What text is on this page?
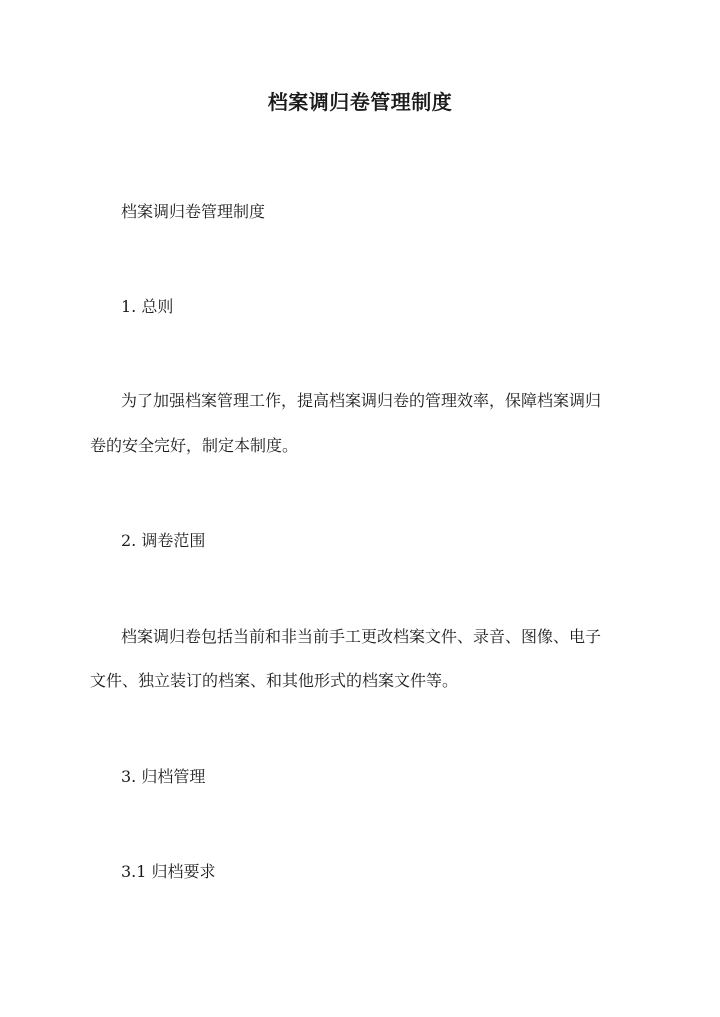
档案调归卷管理制度
档案调归卷管理制度
1. 总则
为了加强档案管理工作，提高档案调归卷的管理效率，保障档案调归
卷的安全完好，制定本制度。
2. 调卷范围
档案调归卷包括当前和非当前手工更改档案文件、录音、图像、电子
文件、独立装订的档案、和其他形式的档案文件等。
3. 归档管理
3.1 归档要求
